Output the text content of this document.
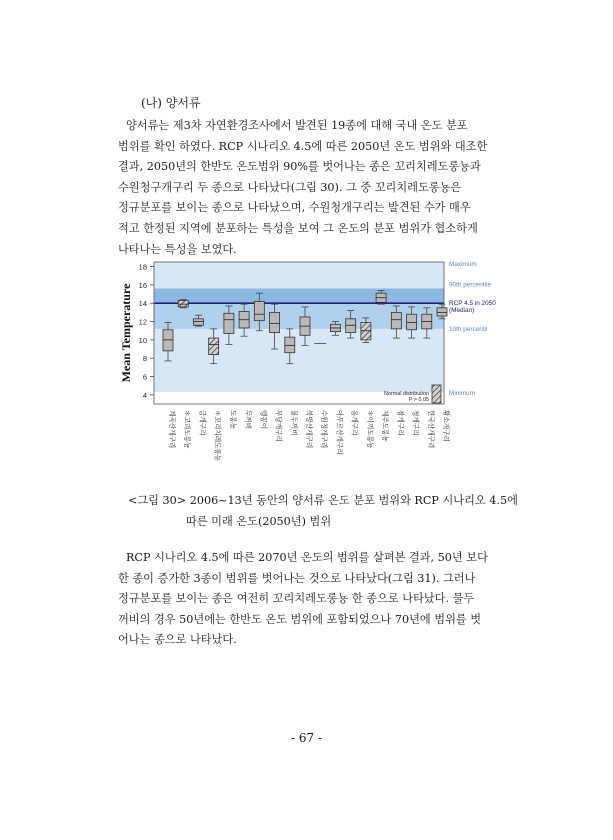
(나) 양서류
양서류는 제3차 자연환경조사에서 발견된 19종에 대해 국내 온도 분포
범위를 확인 하였다. RCP 시나리오 4.5에 따른 2050년 온도 범위와 대조한
결과, 2050년의 한반도 온도범위 90%를 벗어나는 종은 꼬리치레도롱뇽과
수원청구개구리 두 종으로 나타났다(그림 30). 그 중 꼬리치레도롱뇽은
정규분포를 보이는 종으로 나타났으며, 수원청개구리는 발견된 수가 매우
적고 한정된 지역에 분포하는 특성을 보여 그 온도의 분포 범위가 협소하게
나타나는 특성을 보였다.
4
6
8
10
12
14
16
18
Mean Temperature
계곡산개구리 ＊고리도롱뇽 금개구리 ＊꼬리치레도롱뇽 도롱뇽 두꺼비 맹꽁이 무당개구리 물두꺼비 북방산개구리 수원청개구리 아무르산개구리 옴개구리 ＊이끼도롱뇽 제주도롱뇽 참개구리 청개구리 한국산개구리 황소개구리
Maximum
90th percentile
RCP 4.5 in 2050
(Median)
10th percentil
Minimum
Normal distribution
P > 0.05
<그림 30> 2006~13년 동안의 양서류 온도 분포 범위와 RCP 시나리오 4.5에
따른 미래 온도(2050년) 범위
RCP 시나리오 4.5에 따른 2070년 온도의 범위를 살펴본 결과, 50년 보다
한 종이 증가한 3종이 범위를 벗어나는 것으로 나타났다(그림 31). 그러나
정규분포를 보이는 종은 여전히 꼬리치레도롱뇽 한 종으로 나타났다. 물두
꺼비의 경우 50년에는 한반도 온도 범위에 포함되었으나 70년에 범위를 벗
어나는 종으로 나타났다.
- 67 -
